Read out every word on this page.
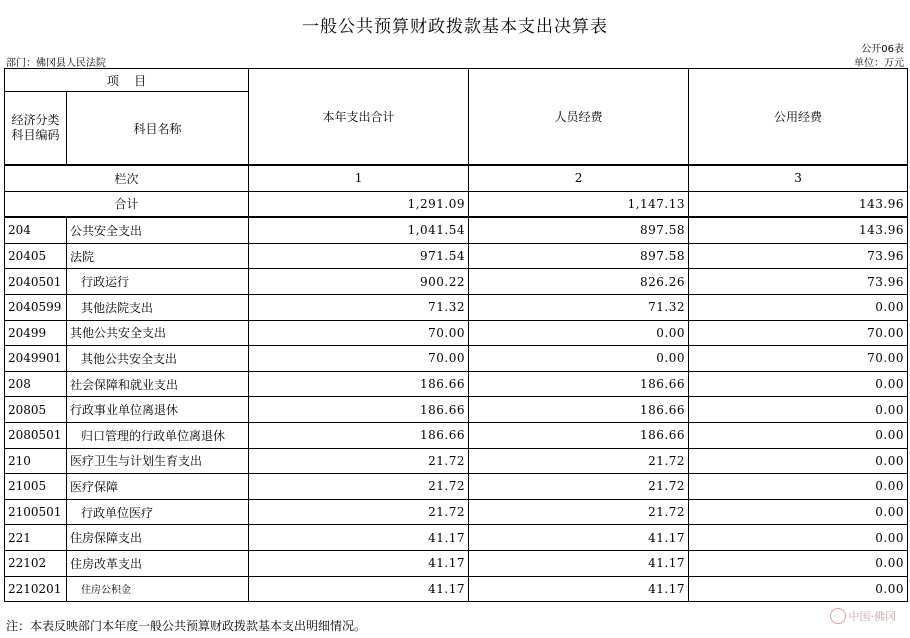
一般公共预算财政拨款基本支出决算表
公开06表
部门：佛冈县人民法院	单位：万元
项    目		本年支出合计	人员经费	公用经费
经济分类
科目编码	科目名称			
栏次		1	2	3
合计		1,291.09	1,147.13	143.96
204	公共安全支出	1,041.54	897.58	143.96
20405	法院	971.54	897.58	73.96
2040501	行政运行	900.22	826.26	73.96
2040599	其他法院支出	71.32	71.32	0.00
20499	其他公共安全支出	70.00	0.00	70.00
2049901	其他公共安全支出	70.00	0.00	70.00
208	社会保障和就业支出	186.66	186.66	0.00
20805	行政事业单位离退休	186.66	186.66	0.00
2080501	归口管理的行政单位离退休	186.66	186.66	0.00
210	医疗卫生与计划生育支出	21.72	21.72	0.00
21005	医疗保障	21.72	21.72	0.00
2100501	行政单位医疗	21.72	21.72	0.00
221	住房保障支出	41.17	41.17	0.00
22102	住房改革支出	41.17	41.17	0.00
2210201	住房公积金	41.17	41.17	0.00
注：本表反映部门本年度一般公共预算财政拨款基本支出明细情况。
中国·佛冈
